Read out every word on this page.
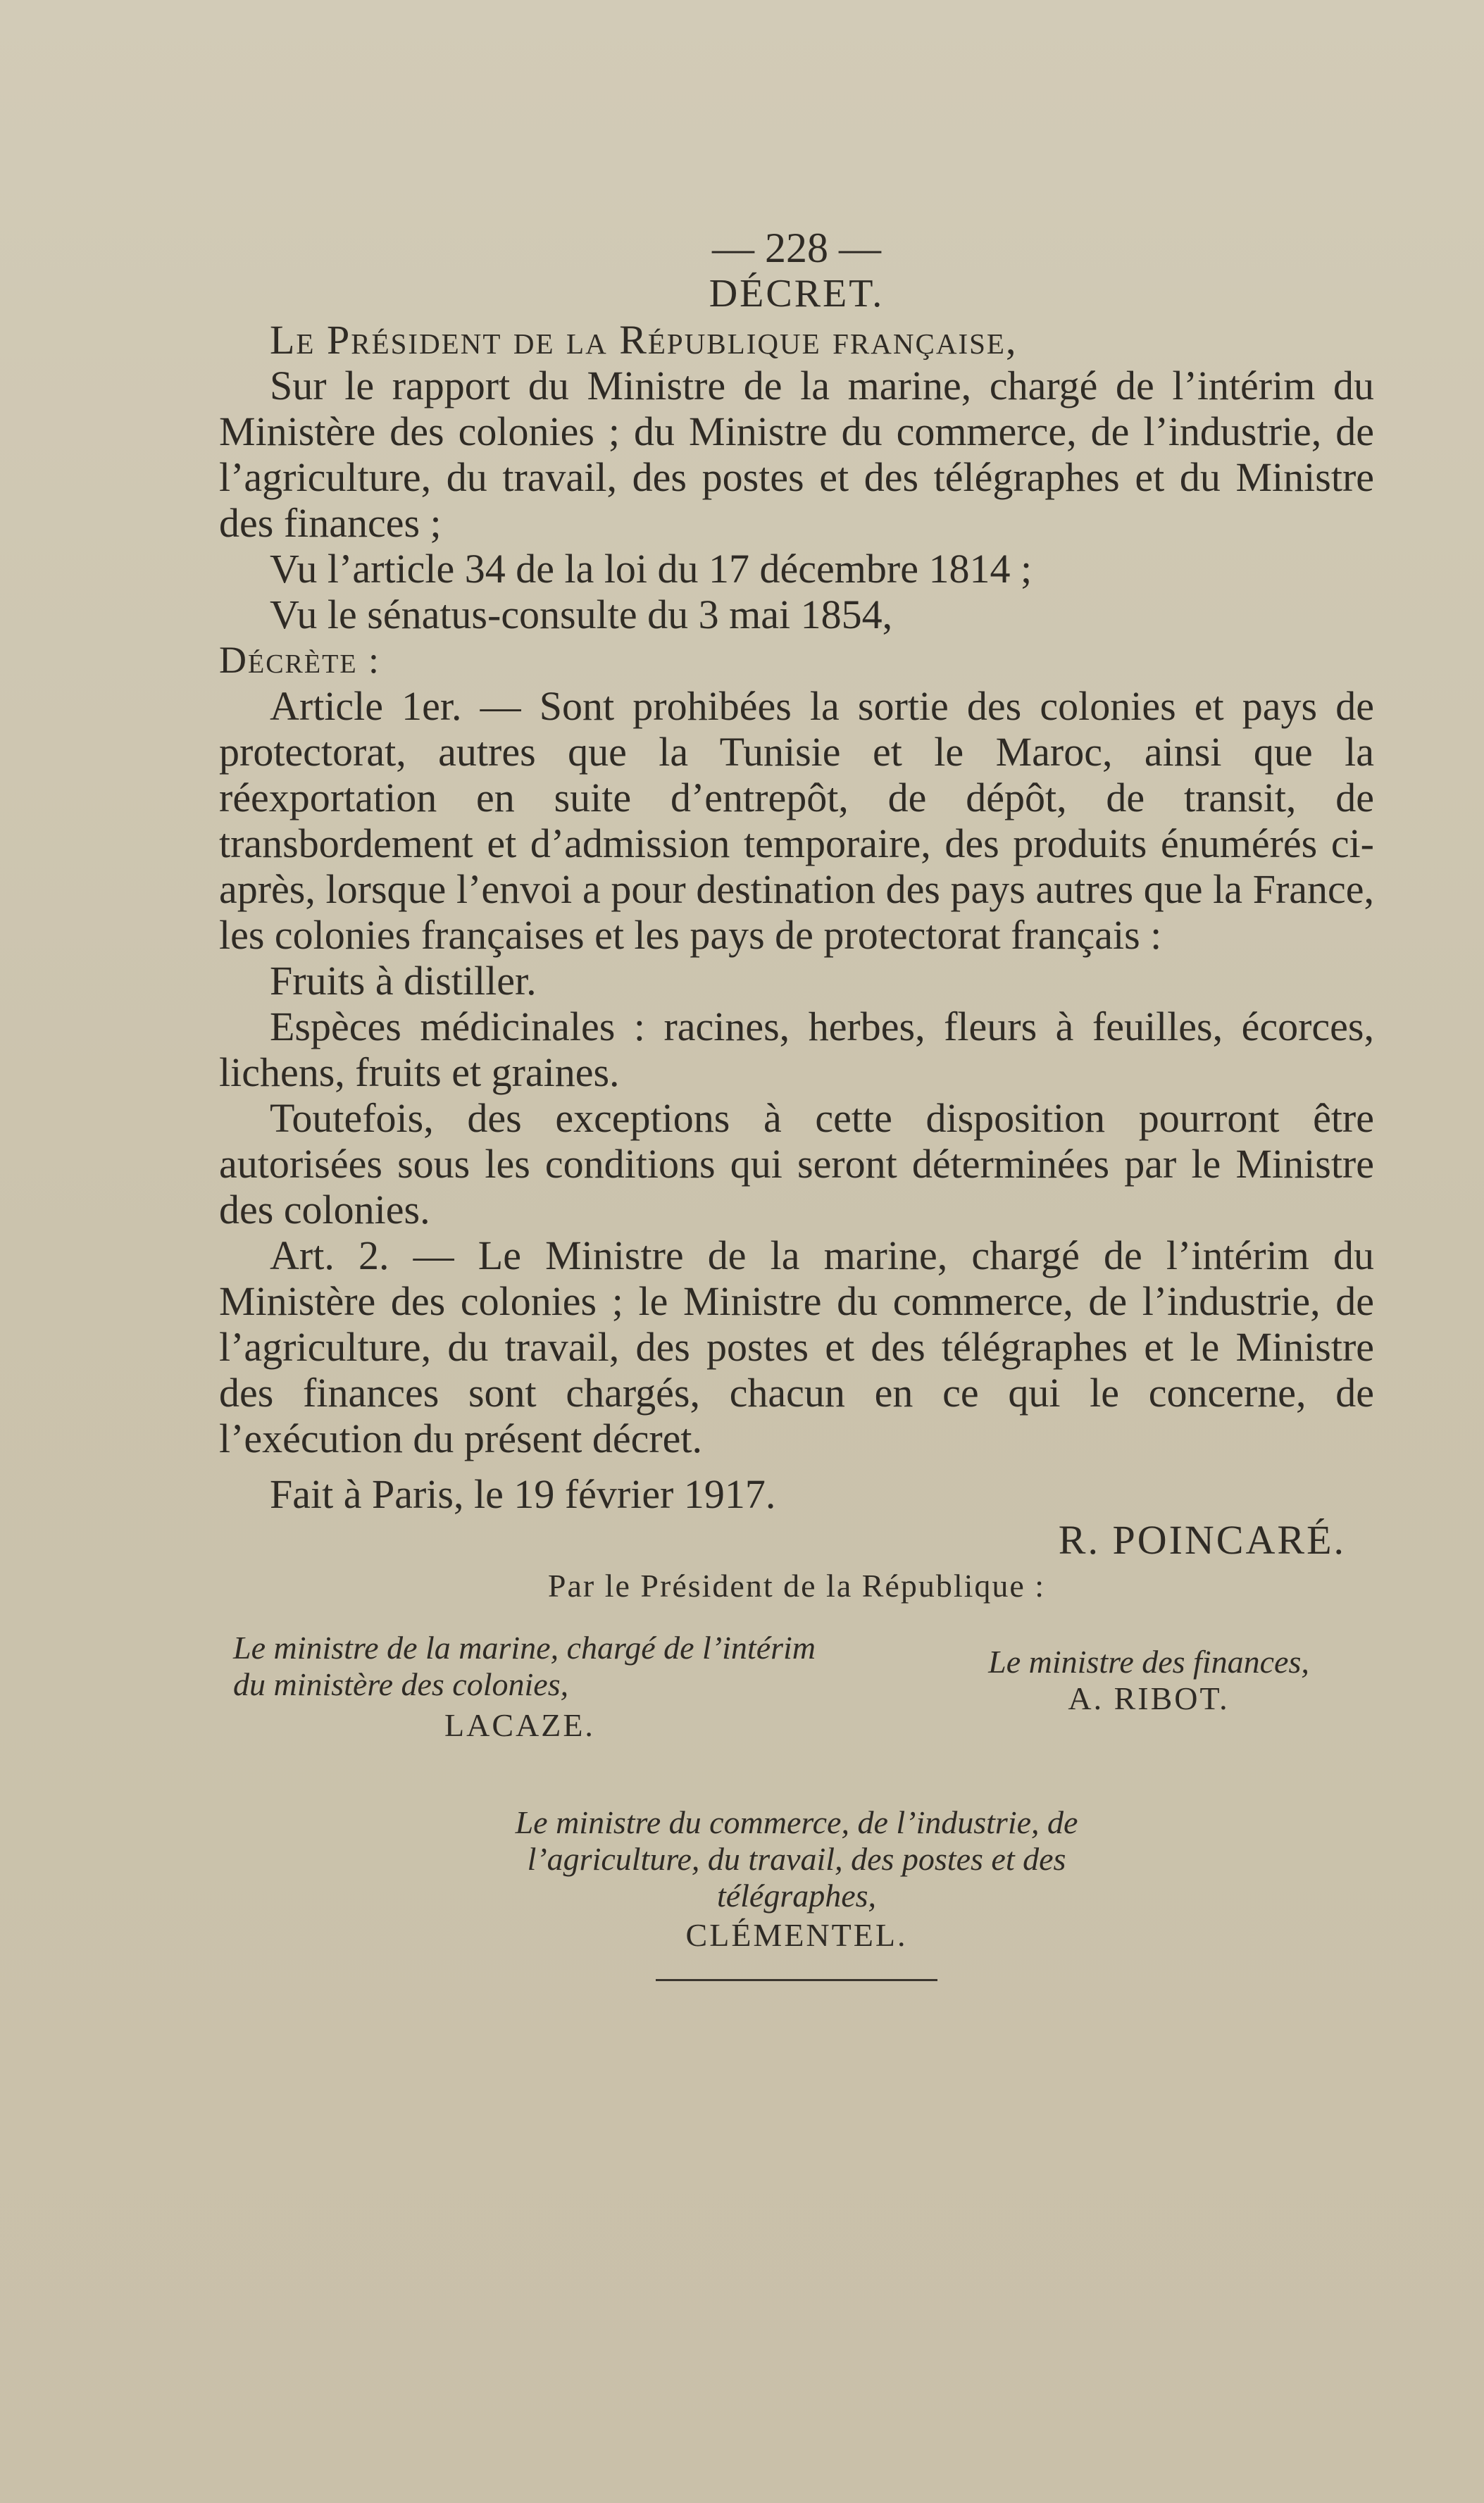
— 228 —

DÉCRET.

Le Président de la République française,

Sur le rapport du Ministre de la marine, chargé de l’intérim du Ministère des colonies ; du Ministre du commerce, de l’industrie, de l’agriculture, du travail, des postes et des télégraphes et du Ministre des finances ;

Vu l’article 34 de la loi du 17 décembre 1814 ;

Vu le sénatus-consulte du 3 mai 1854,

Décrète :

Article 1er. — Sont prohibées la sortie des colonies et pays de protectorat, autres que la Tunisie et le Maroc, ainsi que la réexportation en suite d’entrepôt, de dépôt, de transit, de transbordement et d’admission temporaire, des produits énumérés ci-après, lorsque l’envoi a pour destination des pays autres que la France, les colonies françaises et les pays de protectorat français :

Fruits à distiller.

Espèces médicinales : racines, herbes, fleurs à feuilles, écorces, lichens, fruits et graines.

Toutefois, des exceptions à cette disposition pourront être autorisées sous les conditions qui seront déterminées par le Ministre des colonies.

Art. 2. — Le Ministre de la marine, chargé de l’intérim du Ministère des colonies ; le Ministre du commerce, de l’industrie, de l’agriculture, du travail, des postes et des télégraphes et le Ministre des finances sont chargés, chacun en ce qui le concerne, de l’exécution du présent décret.

Fait à Paris, le 19 février 1917.

R. POINCARÉ.

Par le Président de la République :

Le ministre de la marine, chargé de l’intérim du ministère des colonies,
LACAZE.
Le ministre des finances,
A. RIBOT.
Le ministre du commerce, de l’industrie, de l’agriculture, du travail, des postes et des télégraphes,
CLÉMENTEL.
